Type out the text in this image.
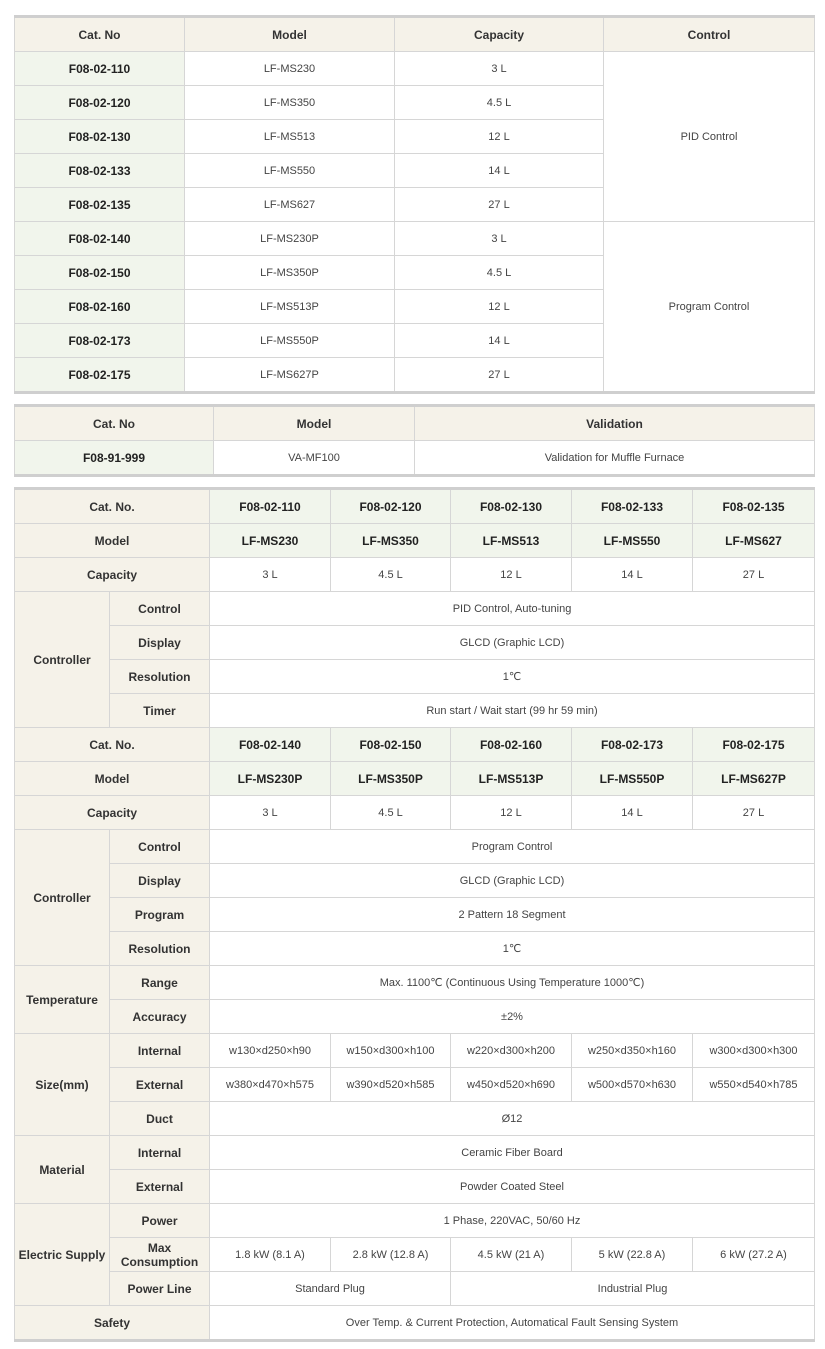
Cat. No	Model	Capacity	Control
F08-02-110	LF-MS230	3 L	PID Control
F08-02-120	LF-MS350	4.5 L	
F08-02-130	LF-MS513	12 L	
F08-02-133	LF-MS550	14 L	
F08-02-135	LF-MS627	27 L	
F08-02-140	LF-MS230P	3 L	Program Control
F08-02-150	LF-MS350P	4.5 L	
F08-02-160	LF-MS513P	12 L	
F08-02-173	LF-MS550P	14 L	
F08-02-175	LF-MS627P	27 L	
Cat. No	Model	Validation
F08-91-999	VA-MF100	Validation for Muffle Furnace
Cat. No.		F08-02-110	F08-02-120	F08-02-130	F08-02-133	F08-02-135
Model		LF-MS230	LF-MS350	LF-MS513	LF-MS550	LF-MS627
Capacity		3 L	4.5 L	12 L	14 L	27 L
Controller	Control	PID Control, Auto-tuning				
	Display	GLCD (Graphic LCD)				
	Resolution	1℃				
	Timer	Run start / Wait start (99 hr 59 min)				
Cat. No.		F08-02-140	F08-02-150	F08-02-160	F08-02-173	F08-02-175
Model		LF-MS230P	LF-MS350P	LF-MS513P	LF-MS550P	LF-MS627P
Capacity		3 L	4.5 L	12 L	14 L	27 L
Controller	Control	Program Control				
	Display	GLCD (Graphic LCD)				
	Program	2 Pattern 18 Segment				
	Resolution	1℃				
Temperature	Range	Max. 1100℃ (Continuous Using Temperature 1000℃)				
	Accuracy	±2%				
Size(mm)	Internal	w130×d250×h90	w150×d300×h100	w220×d300×h200	w250×d350×h160	w300×d300×h300
	External	w380×d470×h575	w390×d520×h585	w450×d520×h690	w500×d570×h630	w550×d540×h785
	Duct	Ø12				
Material	Internal	Ceramic Fiber Board				
	External	Powder Coated Steel				
Electric Supply	Power	1 Phase, 220VAC, 50/60 Hz				
	Max Consumption	1.8 kW (8.1 A)	2.8 kW (12.8 A)	4.5 kW (21 A)	5 kW (22.8 A)	6 kW (27.2 A)
	Power Line	Standard Plug		Industrial Plug		
Safety		Over Temp. & Current Protection, Automatical Fault Sensing System				
